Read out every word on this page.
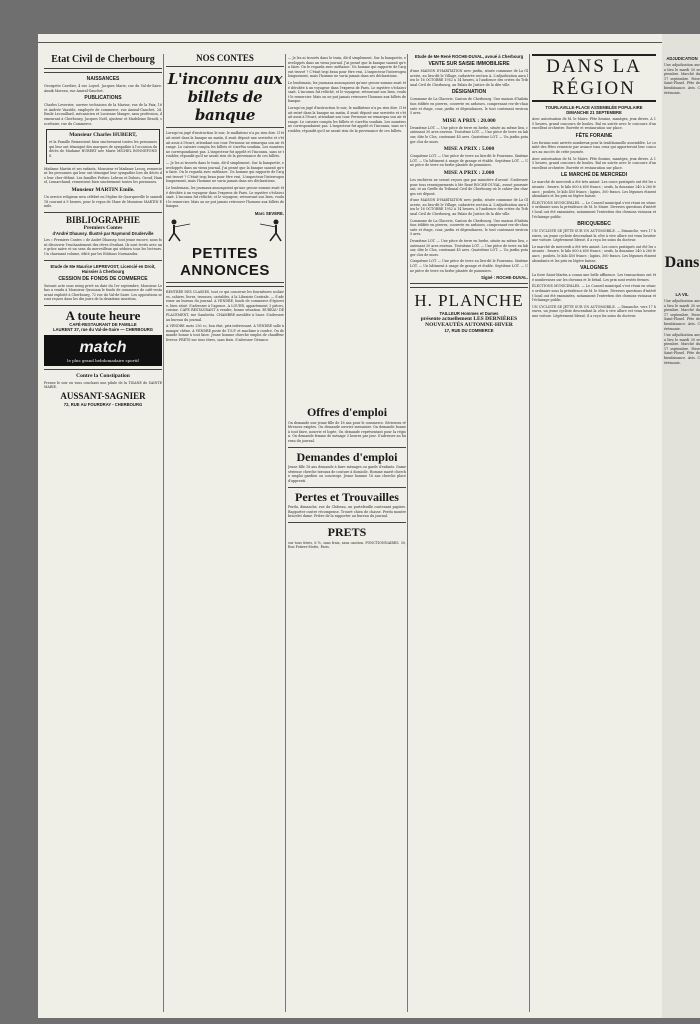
Etat Civil de Cherbourg
NAISSANCES
Georgette Cavelier, 4 rue Loysel. Jacques Marie, rue du Val-de-Saire. Annik Moreau, rue Amiral-Gauchet.
PUBLICATIONS
Charles Leverrier, ouvrier technicien de la Marine, rue de la Paix, 16 et Andrée Vaastile, employée de commerce, rue Amiral-Gauchet, 24. Emile Lecouillard, mécanicien et Lucienne Mauger, sans profession, demeurant à Cherbourg. Jacques Noël, ajusteur et Madeleine Benoît, secrétaire, rue du Commerce.
Monsieur Charles HUBERT,
et la Famille Remercient bien sincèrement toutes les personnes qui leur ont témoigné des marques de sympathie à l'occasion du décès de Madame HUBERT née Marie MICHEL BONNEFONDS.
Madame Martin et ses enfants, Monsieur et Madame Lecoq, remercient les personnes qui leur ont témoigné leur sympathie lors du décès de leur cher défunt. Les familles Pottier, Lebrun et Dubois, Ozouf, Hamel, Lemarchand, remercient bien sincèrement toutes les personnes.
Monsieur MARTIN Emile.
Un service religieux sera célébré en l'église de Querqueville le samedi 18 courant à 9 heures, pour le repos de l'âme de Monsieur MARTIN Emile.
BIBLIOGRAPHIE
Premiers Contes
d'André Dhaussy. Illustré par Raymond Druderville
Les « Premiers Contes » de André Dhaussy, tout jeune encore, nous font découvrir l'enchantement des rêves d'enfant. Ils sont écrits avec une grâce naïve et un sens du merveilleux qui séduira tous les lecteurs. Un charmant volume, édité par les Editions Normandes.
Etude de Me Maurice LEPREVOST, Licencié en Droit, Huissier à Cherbourg
CESSION DE FONDS DE COMMERCE
Suivant acte sous seing privé en date du 1er septembre, Monsieur Lebas a vendu à Monsieur Quoniam le fonds de commerce de café-restaurant exploité à Cherbourg, 72 rue du Val-de-Saire. Les oppositions seront reçues dans les dix jours de la deuxième insertion.
A toute heure
CAFÉ-RESTAURANT DE FAMILLE
LAURENT 37, rue du Val-de-Saire — CHERBOURG
match
le plus grand hebdomadaire sportif
Contre la Constipation
Prenez le soir en vous couchant une pilule de la TISANE de SAINTE MARIE.
AUSSANT-SAGNIER
72, RUE AU FOURDRAY - CHERBOURG
NOS CONTES
L'inconnu aux billets de banque
Lorsqu'on jugé d'instruction le soir, le malfaiteur n'a pu rien dire. Il était entré dans la banque un matin, il avait déposé une serviette et s'était assis à l'écart, attendant son tour. Personne ne remarqua son air étrange. Le caissier compta les billets et s'arrêta soudain. Les numéros ne correspondaient pas. L'inspecteur fut appelé et l'inconnu, sans se troubler, répondit qu'il ne savait rien de la provenance de ces billets.
— Je les ai trouvés dans le train, dit-il simplement. Sur la banquette, enveloppés dans un vieux journal. J'ai pensé que la banque saurait qu'en faire. On le regarda avec méfiance. Un homme qui rapporte de l'argent trouvé ? C'était trop beau pour être vrai. L'inspecteur l'interrogea longuement, mais l'homme ne varia jamais dans ses déclarations.
Le lendemain, les journaux annonçaient qu'une grosse somme avait été dérobée à un voyageur dans l'express de Paris. Le mystère s'éclaircissait. L'inconnu fut relâché, et le voyageur, retrouvant son bien, voulut le remercier. Mais on ne put jamais retrouver l'homme aux billets de banque.
Marc SEVERE.
PETITES ANNONCES
RENTRÉE DES CLASSES, tout ce qui concerne les fournitures scolaires, cahiers, livres, trousses, cartables, à la Librairie Centrale. — S'adresser au bureau du journal. A VENDRE, fonds de commerce d'épicerie, bien situé. S'adresser à l'agence. A LOUER, appartement 3 pièces, cuisine. CAFE RESTAURANT à vendre, bonne situation. BUREAU DE PLACEMENT, rue Gambetta. CHAMBRE meublée à louer. S'adresser au bureau du journal.
A VENDRE moto 250 cc, bon état, prix intéressant. A VENDRE salle à manger chêne. A VENDRE poste de T.S.F. et machine à coudre. On demande bonne à tout faire. Jeune homme cherche emploi de chauffeur livreur. PRETS sur tous titres, sans frais. S'adresser Gérance.
— Je les ai trouvés dans le train, dit-il simplement. Sur la banquette, enveloppés dans un vieux journal. J'ai pensé que la banque saurait qu'en faire. On le regarda avec méfiance. Un homme qui rapporte de l'argent trouvé ? C'était trop beau pour être vrai. L'inspecteur l'interrogea longuement, mais l'homme ne varia jamais dans ses déclarations.
Le lendemain, les journaux annonçaient qu'une grosse somme avait été dérobée à un voyageur dans l'express de Paris. Le mystère s'éclaircissait. L'inconnu fut relâché, et le voyageur, retrouvant son bien, voulut le remercier. Mais on ne put jamais retrouver l'homme aux billets de banque.
Lorsqu'on jugé d'instruction le soir, le malfaiteur n'a pu rien dire. Il était entré dans la banque un matin, il avait déposé une serviette et s'était assis à l'écart, attendant son tour. Personne ne remarqua son air étrange. Le caissier compta les billets et s'arrêta soudain. Les numéros ne correspondaient pas. L'inspecteur fut appelé et l'inconnu, sans se troubler, répondit qu'il ne savait rien de la provenance de ces billets.
Offres d'emploi
On demande une jeune fille de 16 ans pour le commerce. Sérieuses références exigées. On demande ouvrier menuisier. On demande bonne à tout faire, nourrie et logée. On demande représentant pour la région. On demande femme de ménage 3 heures par jour. S'adresser au bureau du journal.
Demandes d'emploi
Jeune fille 18 ans demande à faire ménages ou garde d'enfants. Dame sérieuse cherche travaux de couture à domicile. Homme marié cherche emploi gardien ou concierge. Jeune homme 16 ans cherche place d'apprenti.
Pertes et Trouvailles
Perdu, dimanche, rue du Château, un portefeuille contenant papiers. Rapporter contre récompense. Trouvé chien de chasse. Perdu montre bracelet dame. Prière de la rapporter au bureau du journal.
PRETS
sur tous titres, 6 %, sans frais, sans caution. FONCTIONNAIRES. 30, Rue Potiers-Motte, Paris.
Etude de Me René ROCHE-DUVAL, avoué à Cherbourg
VENTE SUR SAISIE IMMOBILIERE
d'une MAISON D'HABITATION avec jardin, située commune de La Glacerie, au lieu-dit le Village, cadastrée section A. L'adjudication aura lieu le 16 OCTOBRE 1952 à 14 heures, à l'audience des criées du Tribunal Civil de Cherbourg, au Palais de Justice de la dite ville.
DÉSIGNATION
Commune de La Glacerie, Canton de Cherbourg. Une maison d'habitation édifiée en pierres, couverte en ardoises, comprenant rez-de-chaussée et étage, cour, jardin et dépendances, le tout contenant environ 5 ares.
MISE A PRIX : 20.000
Deuxième LOT. — Une pièce de terre en herbe, située au même lieu, contenant 30 ares environ. Troisième LOT. — Une pièce de terre en labour, dite le Clos, contenant 45 ares. Quatrième LOT. — Un jardin potager clos de murs.
MISE A PRIX : 5.000
Cinquième LOT. — Une pièce de terre au lieu-dit le Fourneau. Sixième LOT. — Un bâtiment à usage de grange et étable. Septième LOT. — Une pièce de terre en herbe plantée de pommiers.
MISE A PRIX : 2.000
Les enchères ne seront reçues que par ministère d'avoué. S'adresser pour tous renseignements à Me René ROCHE-DUVAL, avoué poursuivant, et au Greffe du Tribunal Civil de Cherbourg où le cahier des charges est déposé.
d'une MAISON D'HABITATION avec jardin, située commune de La Glacerie, au lieu-dit le Village, cadastrée section A. L'adjudication aura lieu le 16 OCTOBRE 1952 à 14 heures, à l'audience des criées du Tribunal Civil de Cherbourg, au Palais de Justice de la dite ville.
Commune de La Glacerie, Canton de Cherbourg. Une maison d'habitation édifiée en pierres, couverte en ardoises, comprenant rez-de-chaussée et étage, cour, jardin et dépendances, le tout contenant environ 5 ares.
Deuxième LOT. — Une pièce de terre en herbe, située au même lieu, contenant 30 ares environ. Troisième LOT. — Une pièce de terre en labour, dite le Clos, contenant 45 ares. Quatrième LOT. — Un jardin potager clos de murs.
Cinquième LOT. — Une pièce de terre au lieu-dit le Fourneau. Sixième LOT. — Un bâtiment à usage de grange et étable. Septième LOT. — Une pièce de terre en herbe plantée de pommiers.
Signé : ROCHE-DUVAL.
H. PLANCHE
TAILLEUR Hommes et Dames
présente actuellement LES DERNIÈRES NOUVEAUTÉS AUTOMNE-HIVER
17, RUE DU COMMERCE
DANS LA RÉGION
TOURLAVILLE-PLACE ASSEMBLÉE POPULAIRE
DIMANCHE 21 SEPTEMBRE
Avec autorisation de M. le Maire. Fête foraine, manèges, jeux divers. A 15 heures, grand concours de boules. Bal en soirée avec le concours d'un excellent orchestre. Buvette et restauration sur place.
FÊTE FORAINE
Les forains sont arrivés nombreux pour la traditionnelle assemblée. Le comité des fêtes remercie par avance tous ceux qui apporteront leur concours au succès de cette journée.
Avec autorisation de M. le Maire. Fête foraine, manèges, jeux divers. A 15 heures, grand concours de boules. Bal en soirée avec le concours d'un excellent orchestre. Buvette et restauration sur place.
LE MARCHÉ DE MERCREDI
Le marché de mercredi a été très animé. Les cours pratiqués ont été les suivants : beurre, le kilo 600 à 650 francs ; oeufs, la douzaine 240 à 260 francs ; poulets, le kilo 450 francs ; lapins, 300 francs. Les légumes étaient abondants et les prix en légère baisse.
ÉLECTIONS MUNICIPALES. — Le Conseil municipal s'est réuni en séance ordinaire sous la présidence de M. le Maire. Diverses questions d'intérêt local ont été examinées, notamment l'entretien des chemins vicinaux et l'éclairage public.
BRICQUEBEC
UN CYCLISTE SE JETTE SUR UN AUTOMOBILE. — Dimanche, vers 17 heures, un jeune cycliste descendant la côte à vive allure est venu heurter une voiture. Légèrement blessé, il a reçu les soins du docteur.
Le marché de mercredi a été très animé. Les cours pratiqués ont été les suivants : beurre, le kilo 600 à 650 francs ; oeufs, la douzaine 240 à 260 francs ; poulets, le kilo 450 francs ; lapins, 300 francs. Les légumes étaient abondants et les prix en légère baisse.
VALOGNES
La foire Saint-Martin a connu une belle affluence. Les transactions ont été nombreuses sur les chevaux et le bétail. Les prix sont restés fermes.
ÉLECTIONS MUNICIPALES. — Le Conseil municipal s'est réuni en séance ordinaire sous la présidence de M. le Maire. Diverses questions d'intérêt local ont été examinées, notamment l'entretien des chemins vicinaux et l'éclairage public.
UN CYCLISTE SE JETTE SUR UN AUTOMOBILE. — Dimanche, vers 17 heures, un jeune cycliste descendant la côte à vive allure est venu heurter une voiture. Légèrement blessé, il a reçu les soins du docteur.
ADJUDICATION
Une adjudication aura lieu le mardi 30 septembre. Marché du 17 septembre. Foire Saint-Floxel. Fête de bienfaisance. Avis. Cérémonie.
Dans
LA VIL
Une adjudication aura lieu le mardi 30 septembre. Marché du 17 septembre. Foire Saint-Floxel. Fête de bienfaisance. Avis. Cérémonie.
Une adjudication aura lieu le mardi 30 septembre. Marché du 17 septembre. Foire Saint-Floxel. Fête de bienfaisance. Avis. Cérémonie.
